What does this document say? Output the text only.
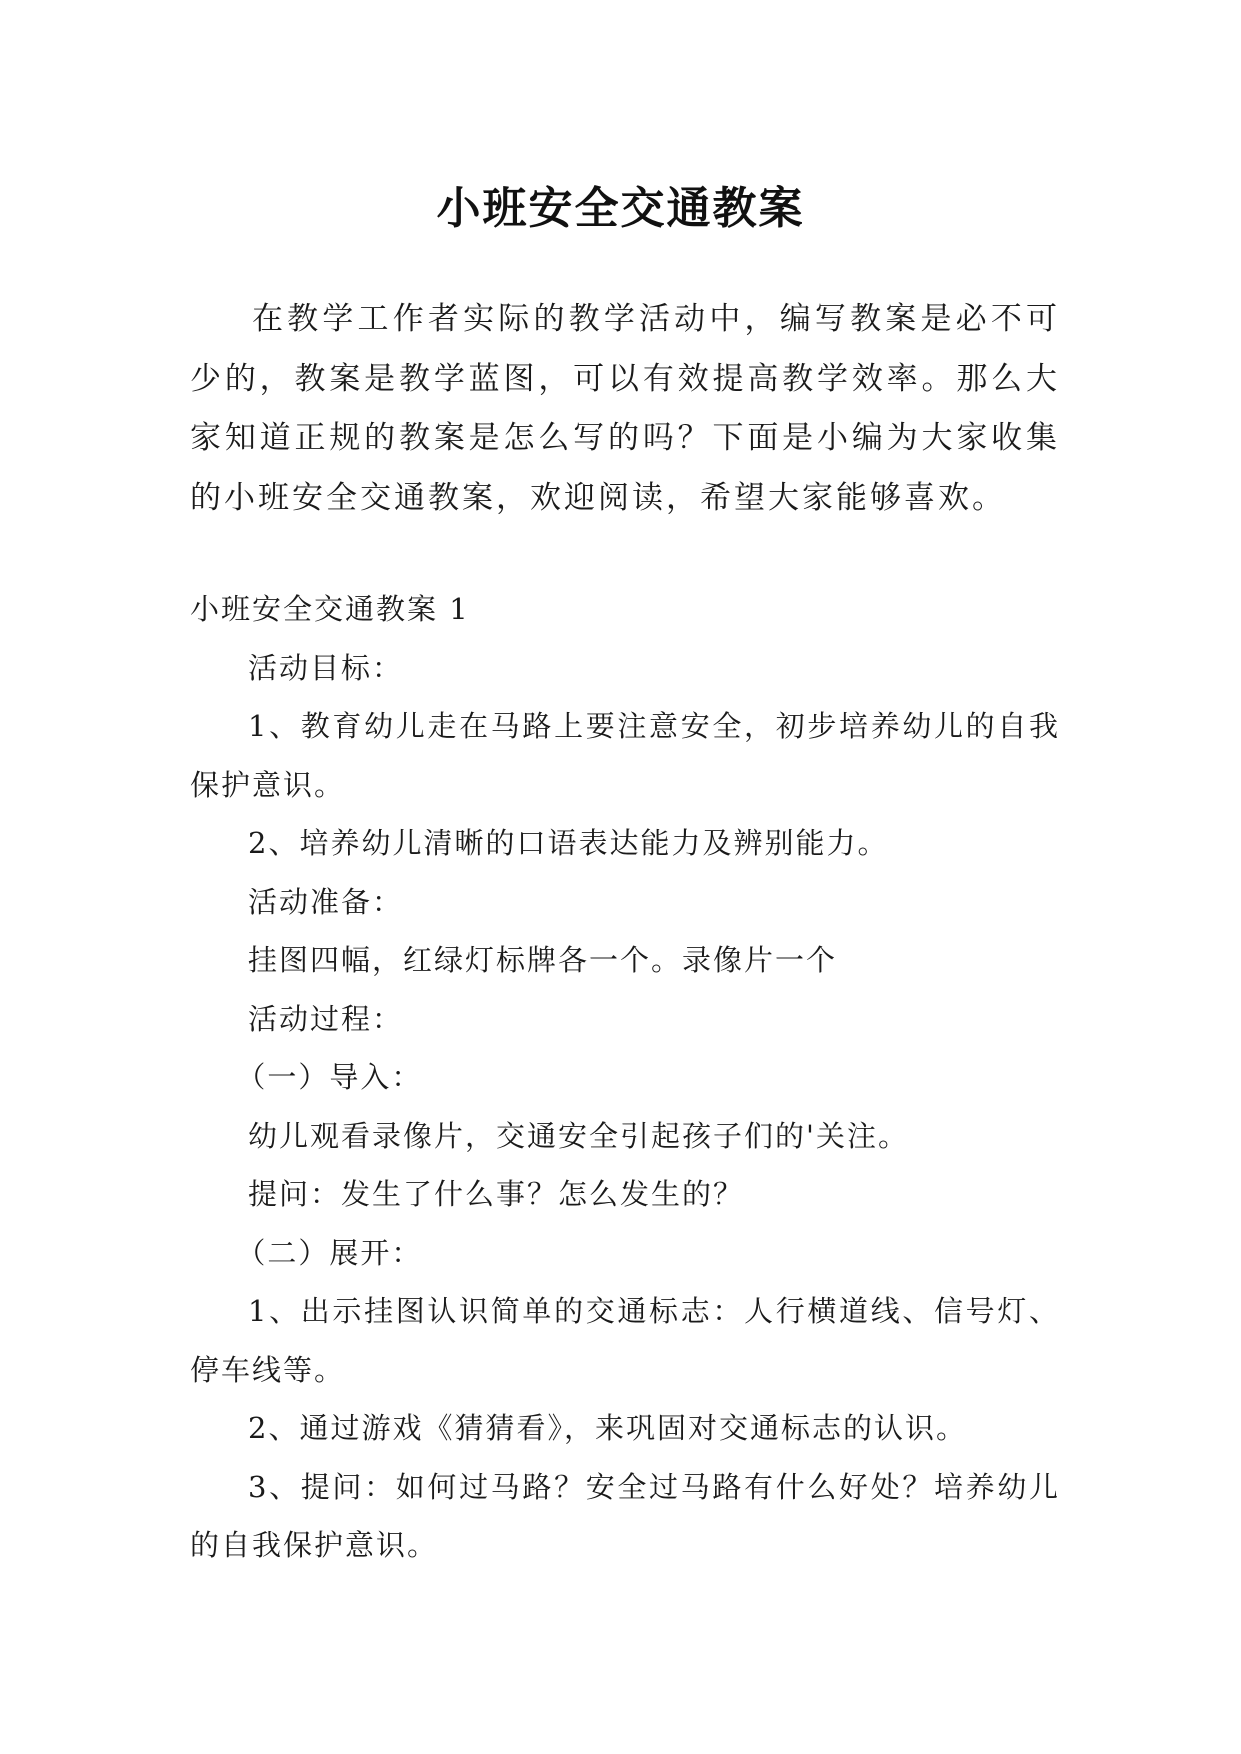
小班安全交通教案

在教学工作者实际的教学活动中，编写教案是必不可少的，教案是教学蓝图，可以有效提高教学效率。那么大家知道正规的教案是怎么写的吗？下面是小编为大家收集的小班安全交通教案，欢迎阅读，希望大家能够喜欢。

小班安全交通教案 1

活动目标：

1、教育幼儿走在马路上要注意安全，初步培养幼儿的自我保护意识。

2、培养幼儿清晰的口语表达能力及辨别能力。

活动准备：

挂图四幅，红绿灯标牌各一个。录像片一个

活动过程：

（一）导入：

幼儿观看录像片，交通安全引起孩子们的'关注。

提问：发生了什么事？怎么发生的？

（二）展开：

1、出示挂图认识简单的交通标志：人行横道线、信号灯、停车线等。

2、通过游戏《猜猜看》，来巩固对交通标志的认识。

3、提问：如何过马路？安全过马路有什么好处？培养幼儿的自我保护意识。
